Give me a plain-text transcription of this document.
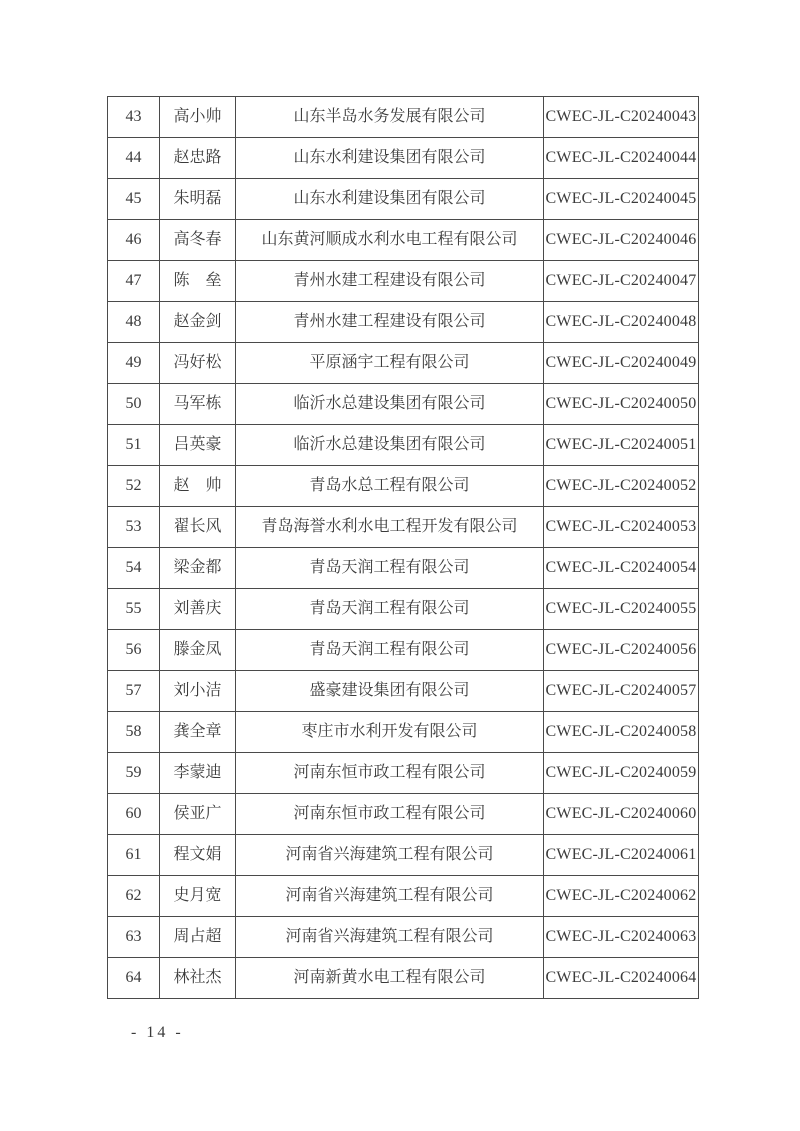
43	高小帅	山东半岛水务发展有限公司	CWEC-JL-C20240043
44	赵忠路	山东水利建设集团有限公司	CWEC-JL-C20240044
45	朱明磊	山东水利建设集团有限公司	CWEC-JL-C20240045
46	高冬春	山东黄河顺成水利水电工程有限公司	CWEC-JL-C20240046
47	陈　垒	青州水建工程建设有限公司	CWEC-JL-C20240047
48	赵金剑	青州水建工程建设有限公司	CWEC-JL-C20240048
49	冯好松	平原涵宇工程有限公司	CWEC-JL-C20240049
50	马军栋	临沂水总建设集团有限公司	CWEC-JL-C20240050
51	吕英豪	临沂水总建设集团有限公司	CWEC-JL-C20240051
52	赵　帅	青岛水总工程有限公司	CWEC-JL-C20240052
53	翟长风	青岛海誉水利水电工程开发有限公司	CWEC-JL-C20240053
54	梁金都	青岛天润工程有限公司	CWEC-JL-C20240054
55	刘善庆	青岛天润工程有限公司	CWEC-JL-C20240055
56	滕金凤	青岛天润工程有限公司	CWEC-JL-C20240056
57	刘小洁	盛豪建设集团有限公司	CWEC-JL-C20240057
58	龚全章	枣庄市水利开发有限公司	CWEC-JL-C20240058
59	李蒙迪	河南东恒市政工程有限公司	CWEC-JL-C20240059
60	侯亚广	河南东恒市政工程有限公司	CWEC-JL-C20240060
61	程文娟	河南省兴海建筑工程有限公司	CWEC-JL-C20240061
62	史月宽	河南省兴海建筑工程有限公司	CWEC-JL-C20240062
63	周占超	河南省兴海建筑工程有限公司	CWEC-JL-C20240063
64	林社杰	河南新黄水电工程有限公司	CWEC-JL-C20240064
- 14 -
